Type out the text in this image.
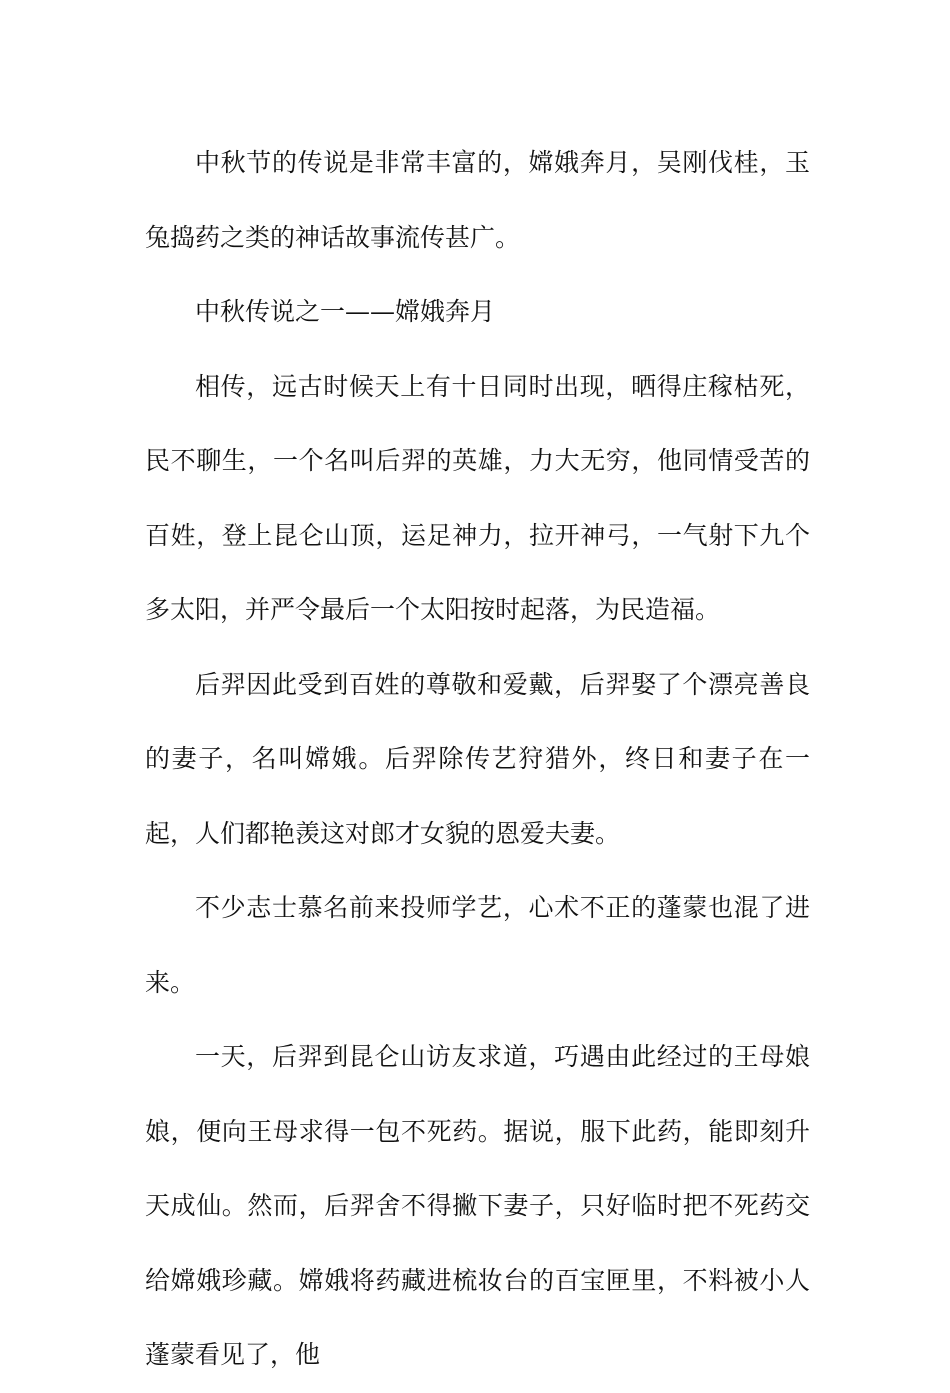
中秋节的传说是非常丰富的，嫦娥奔月，吴刚伐桂，玉兔捣药之类的神话故事流传甚广。

中秋传说之一——嫦娥奔月

相传，远古时候天上有十日同时出现，晒得庄稼枯死，民不聊生，一个名叫后羿的英雄，力大无穷，他同情受苦的百姓，登上昆仑山顶，运足神力，拉开神弓，一气射下九个多太阳，并严令最后一个太阳按时起落，为民造福。

后羿因此受到百姓的尊敬和爱戴，后羿娶了个漂亮善良的妻子，名叫嫦娥。后羿除传艺狩猎外，终日和妻子在一起，人们都艳羡这对郎才女貌的恩爱夫妻。

不少志士慕名前来投师学艺，心术不正的蓬蒙也混了进来。

一天，后羿到昆仑山访友求道，巧遇由此经过的王母娘娘，便向王母求得一包不死药。据说，服下此药，能即刻升天成仙。然而，后羿舍不得撇下妻子，只好临时把不死药交给嫦娥珍藏。嫦娥将药藏进梳妆台的百宝匣里，不料被小人蓬蒙看见了，他
